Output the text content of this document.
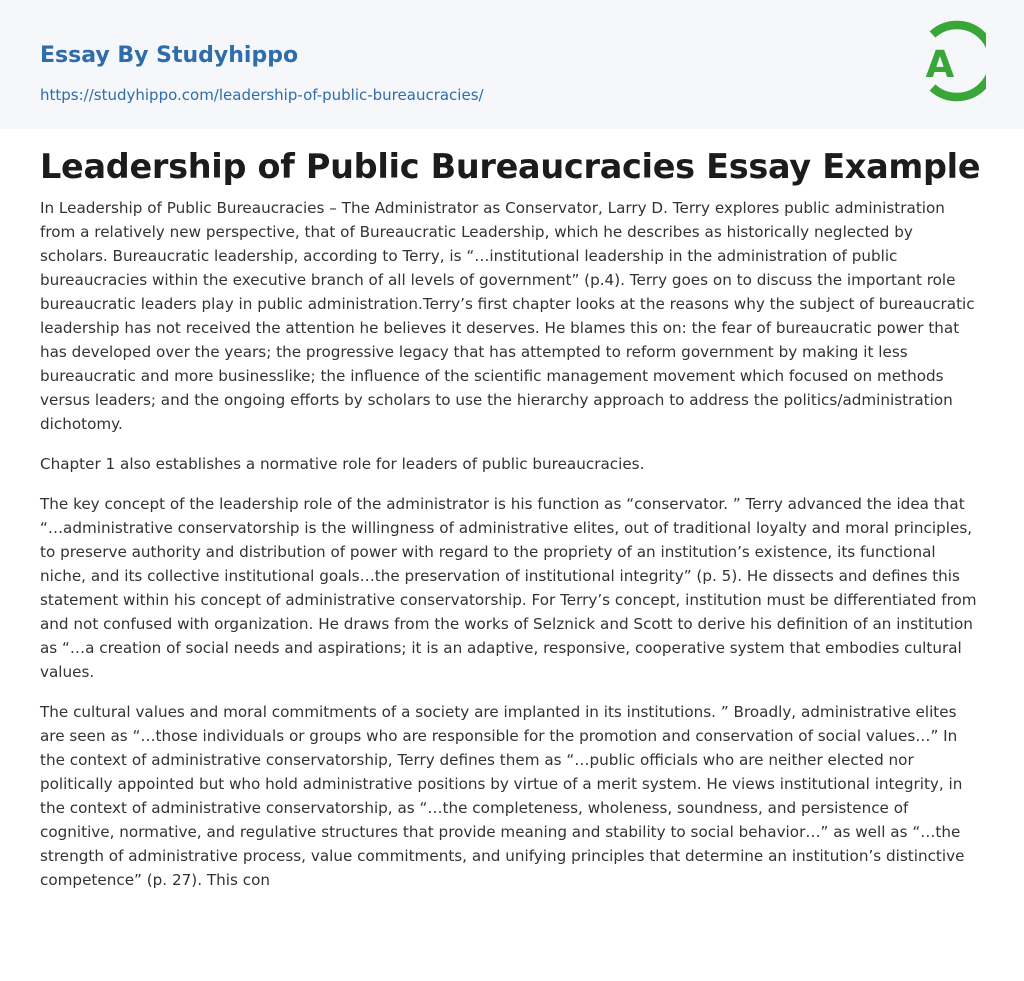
Essay By Studyhippo
https://studyhippo.com/leadership-of-public-bureaucracies/
A
Leadership of Public Bureaucracies Essay Example

In Leadership of Public Bureaucracies – The Administrator as Conservator, Larry D. Terry explores public administration from a relatively new perspective, that of Bureaucratic Leadership, which he describes as historically neglected by scholars. Bureaucratic leadership, according to Terry, is “…institutional leadership in the administration of public bureaucracies within the executive branch of all levels of government” (p.4). Terry goes on to discuss the important role bureaucratic leaders play in public administration.Terry’s first chapter looks at the reasons why the subject of bureaucratic leadership has not received the attention he believes it deserves. He blames this on: the fear of bureaucratic power that has developed over the years; the progressive legacy that has attempted to reform government by making it less bureaucratic and more businesslike; the influence of the scientific management movement which focused on methods versus leaders; and the ongoing efforts by scholars to use the hierarchy approach to address the politics/administration dichotomy.

Chapter 1 also establishes a normative role for leaders of public bureaucracies.

The key concept of the leadership role of the administrator is his function as “conservator. ” Terry advanced the idea that “…administrative conservatorship is the willingness of administrative elites, out of traditional loyalty and moral principles, to preserve authority and distribution of power with regard to the propriety of an institution’s existence, its functional niche, and its collective institutional goals…the preservation of institutional integrity” (p. 5). He dissects and defines this statement within his concept of administrative conservatorship. For Terry’s concept, institution must be differentiated from and not confused with organization. He draws from the works of Selznick and Scott to derive his definition of an institution as “…a creation of social needs and aspirations; it is an adaptive, responsive, cooperative system that embodies cultural values.

The cultural values and moral commitments of a society are implanted in its institutions. ” Broadly, administrative elites are seen as “…those individuals or groups who are responsible for the promotion and conservation of social values…” In the context of administrative conservatorship, Terry defines them as “…public officials who are neither elected nor politically appointed but who hold administrative positions by virtue of a merit system. He views institutional integrity, in the context of administrative conservatorship, as “…the completeness, wholeness, soundness, and persistence of cognitive, normative, and regulative structures that provide meaning and stability to social behavior…” as well as “…the strength of administrative process, value commitments, and unifying principles that determine an institution’s distinctive competence” (p. 27). This con
